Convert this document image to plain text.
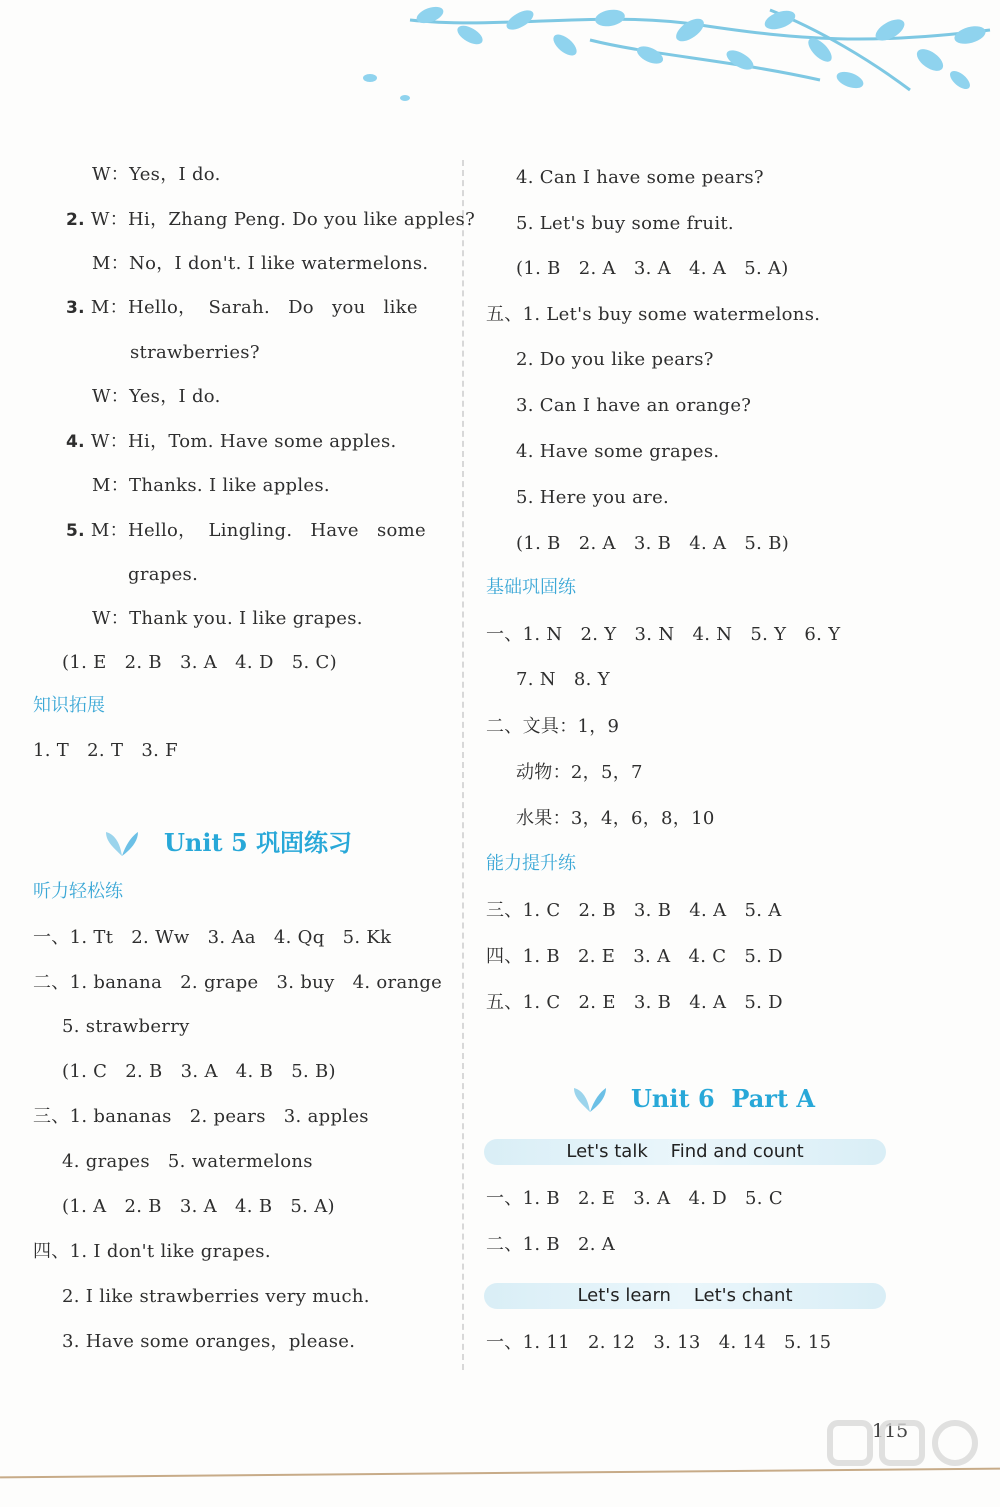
W：Yes，I do.
2. W：Hi，Zhang Peng. Do you like apples?
M：No，I don't. I like watermelons.
3. M：Hello，  Sarah.   Do   you   like
strawberries?
W：Yes，I do.
4. W：Hi，Tom. Have some apples.
M：Thanks. I like apples.
5. M：Hello，  Lingling.   Have   some
grapes.
W：Thank you. I like grapes.
(1. E   2. B   3. A   4. D   5. C)
知识拓展
1. T   2. T   3. F
Unit 5 巩固练习
听力轻松练
一、1. Tt   2. Ww   3. Aa   4. Qq   5. Kk
二、1. banana   2. grape   3. buy   4. orange
5. strawberry
(1. C   2. B   3. A   4. B   5. B)
三、1. bananas   2. pears   3. apples
4. grapes   5. watermelons
(1. A   2. B   3. A   4. B   5. A)
四、1. I don't like grapes.
2. I like strawberries very much.
3. Have some oranges，please.
4. Can I have some pears?
5. Let's buy some fruit.
(1. B   2. A   3. A   4. A   5. A)
五、1. Let's buy some watermelons.
2. Do you like pears?
3. Can I have an orange?
4. Have some grapes.
5. Here you are.
(1. B   2. A   3. B   4. A   5. B)
基础巩固练
一、1. N   2. Y   3. N   4. N   5. Y   6. Y
7. N   8. Y
二、文具：1，9
动物：2，5，7
水果：3，4，6，8，10
能力提升练
三、1. C   2. B   3. B   4. A   5. A
四、1. B   2. E   3. A   4. C   5. D
五、1. C   2. E   3. B   4. A   5. D
Unit 6  Part A
Let's talk    Find and count
一、1. B   2. E   3. A   4. D   5. C
二、1. B   2. A
Let's learn    Let's chant
一、1. 11   2. 12   3. 13   4. 14   5. 15
115
